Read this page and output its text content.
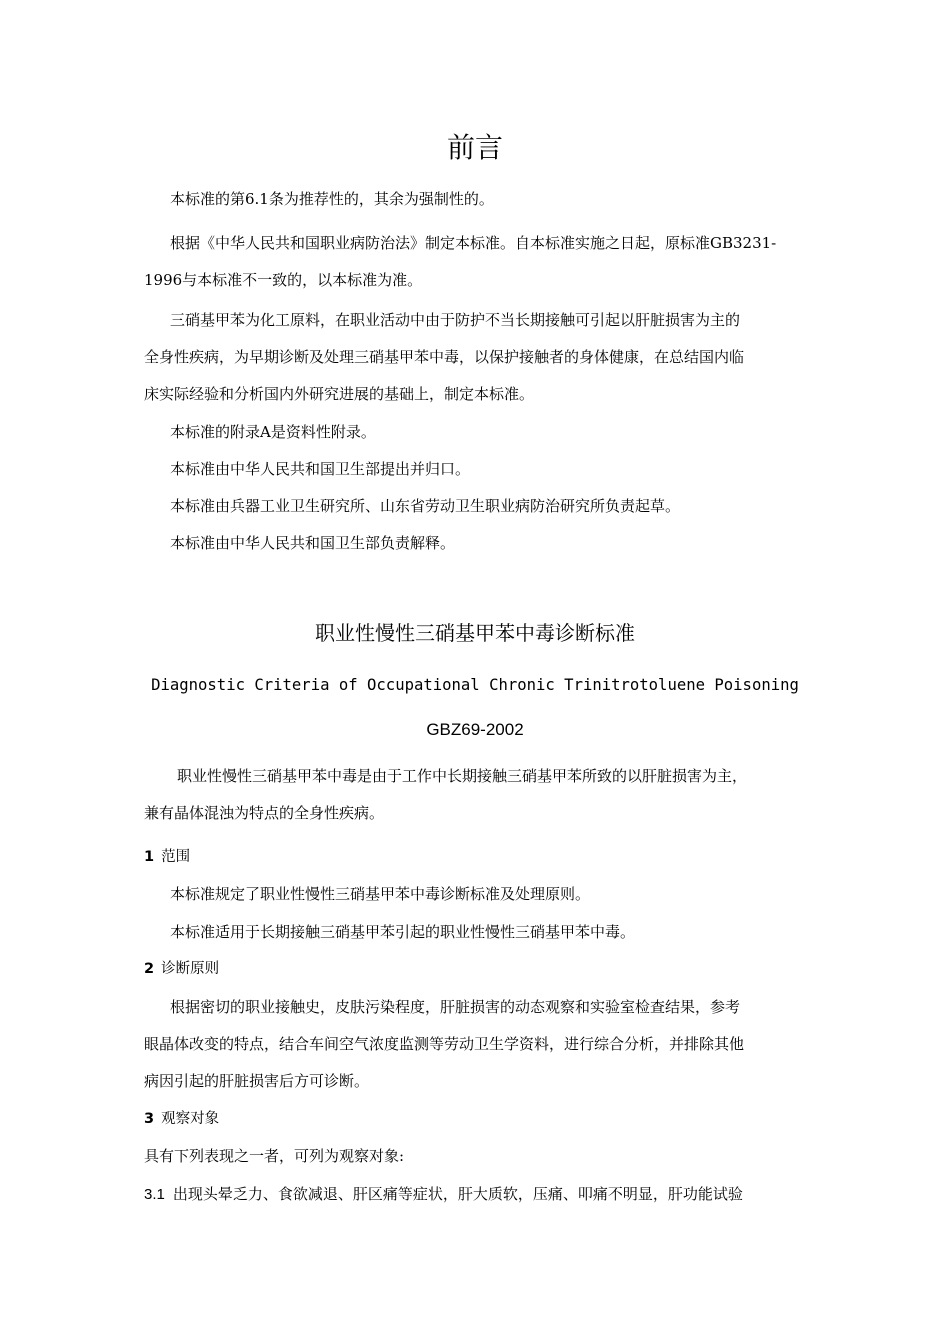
前言
本标准的第6.1条为推荐性的，其余为强制性的。
根据《中华人民共和国职业病防治法》制定本标准。自本标准实施之日起，原标准GB3231-
1996与本标准不一致的，以本标准为准。
三硝基甲苯为化工原料，在职业活动中由于防护不当长期接触可引起以肝脏损害为主的
全身性疾病，为早期诊断及处理三硝基甲苯中毒，以保护接触者的身体健康，在总结国内临
床实际经验和分析国内外研究进展的基础上，制定本标准。
本标准的附录A是资料性附录。
本标准由中华人民共和国卫生部提出并归口。
本标准由兵器工业卫生研究所、山东省劳动卫生职业病防治研究所负责起草。
本标准由中华人民共和国卫生部负责解释。
职业性慢性三硝基甲苯中毒诊断标准
Diagnostic Criteria of Occupational Chronic Trinitrotoluene Poisoning
GBZ69-2002
职业性慢性三硝基甲苯中毒是由于工作中长期接触三硝基甲苯所致的以肝脏损害为主，
兼有晶体混浊为特点的全身性疾病。
1 范围
本标准规定了职业性慢性三硝基甲苯中毒诊断标准及处理原则。
本标准适用于长期接触三硝基甲苯引起的职业性慢性三硝基甲苯中毒。
2 诊断原则
根据密切的职业接触史，皮肤污染程度，肝脏损害的动态观察和实验室检查结果，参考
眼晶体改变的特点，结合车间空气浓度监测等劳动卫生学资料，进行综合分析，并排除其他
病因引起的肝脏损害后方可诊断。
3 观察对象
具有下列表现之一者，可列为观察对象:
3.1 出现头晕乏力、食欲减退、肝区痛等症状，肝大质软，压痛、叩痛不明显，肝功能试验
